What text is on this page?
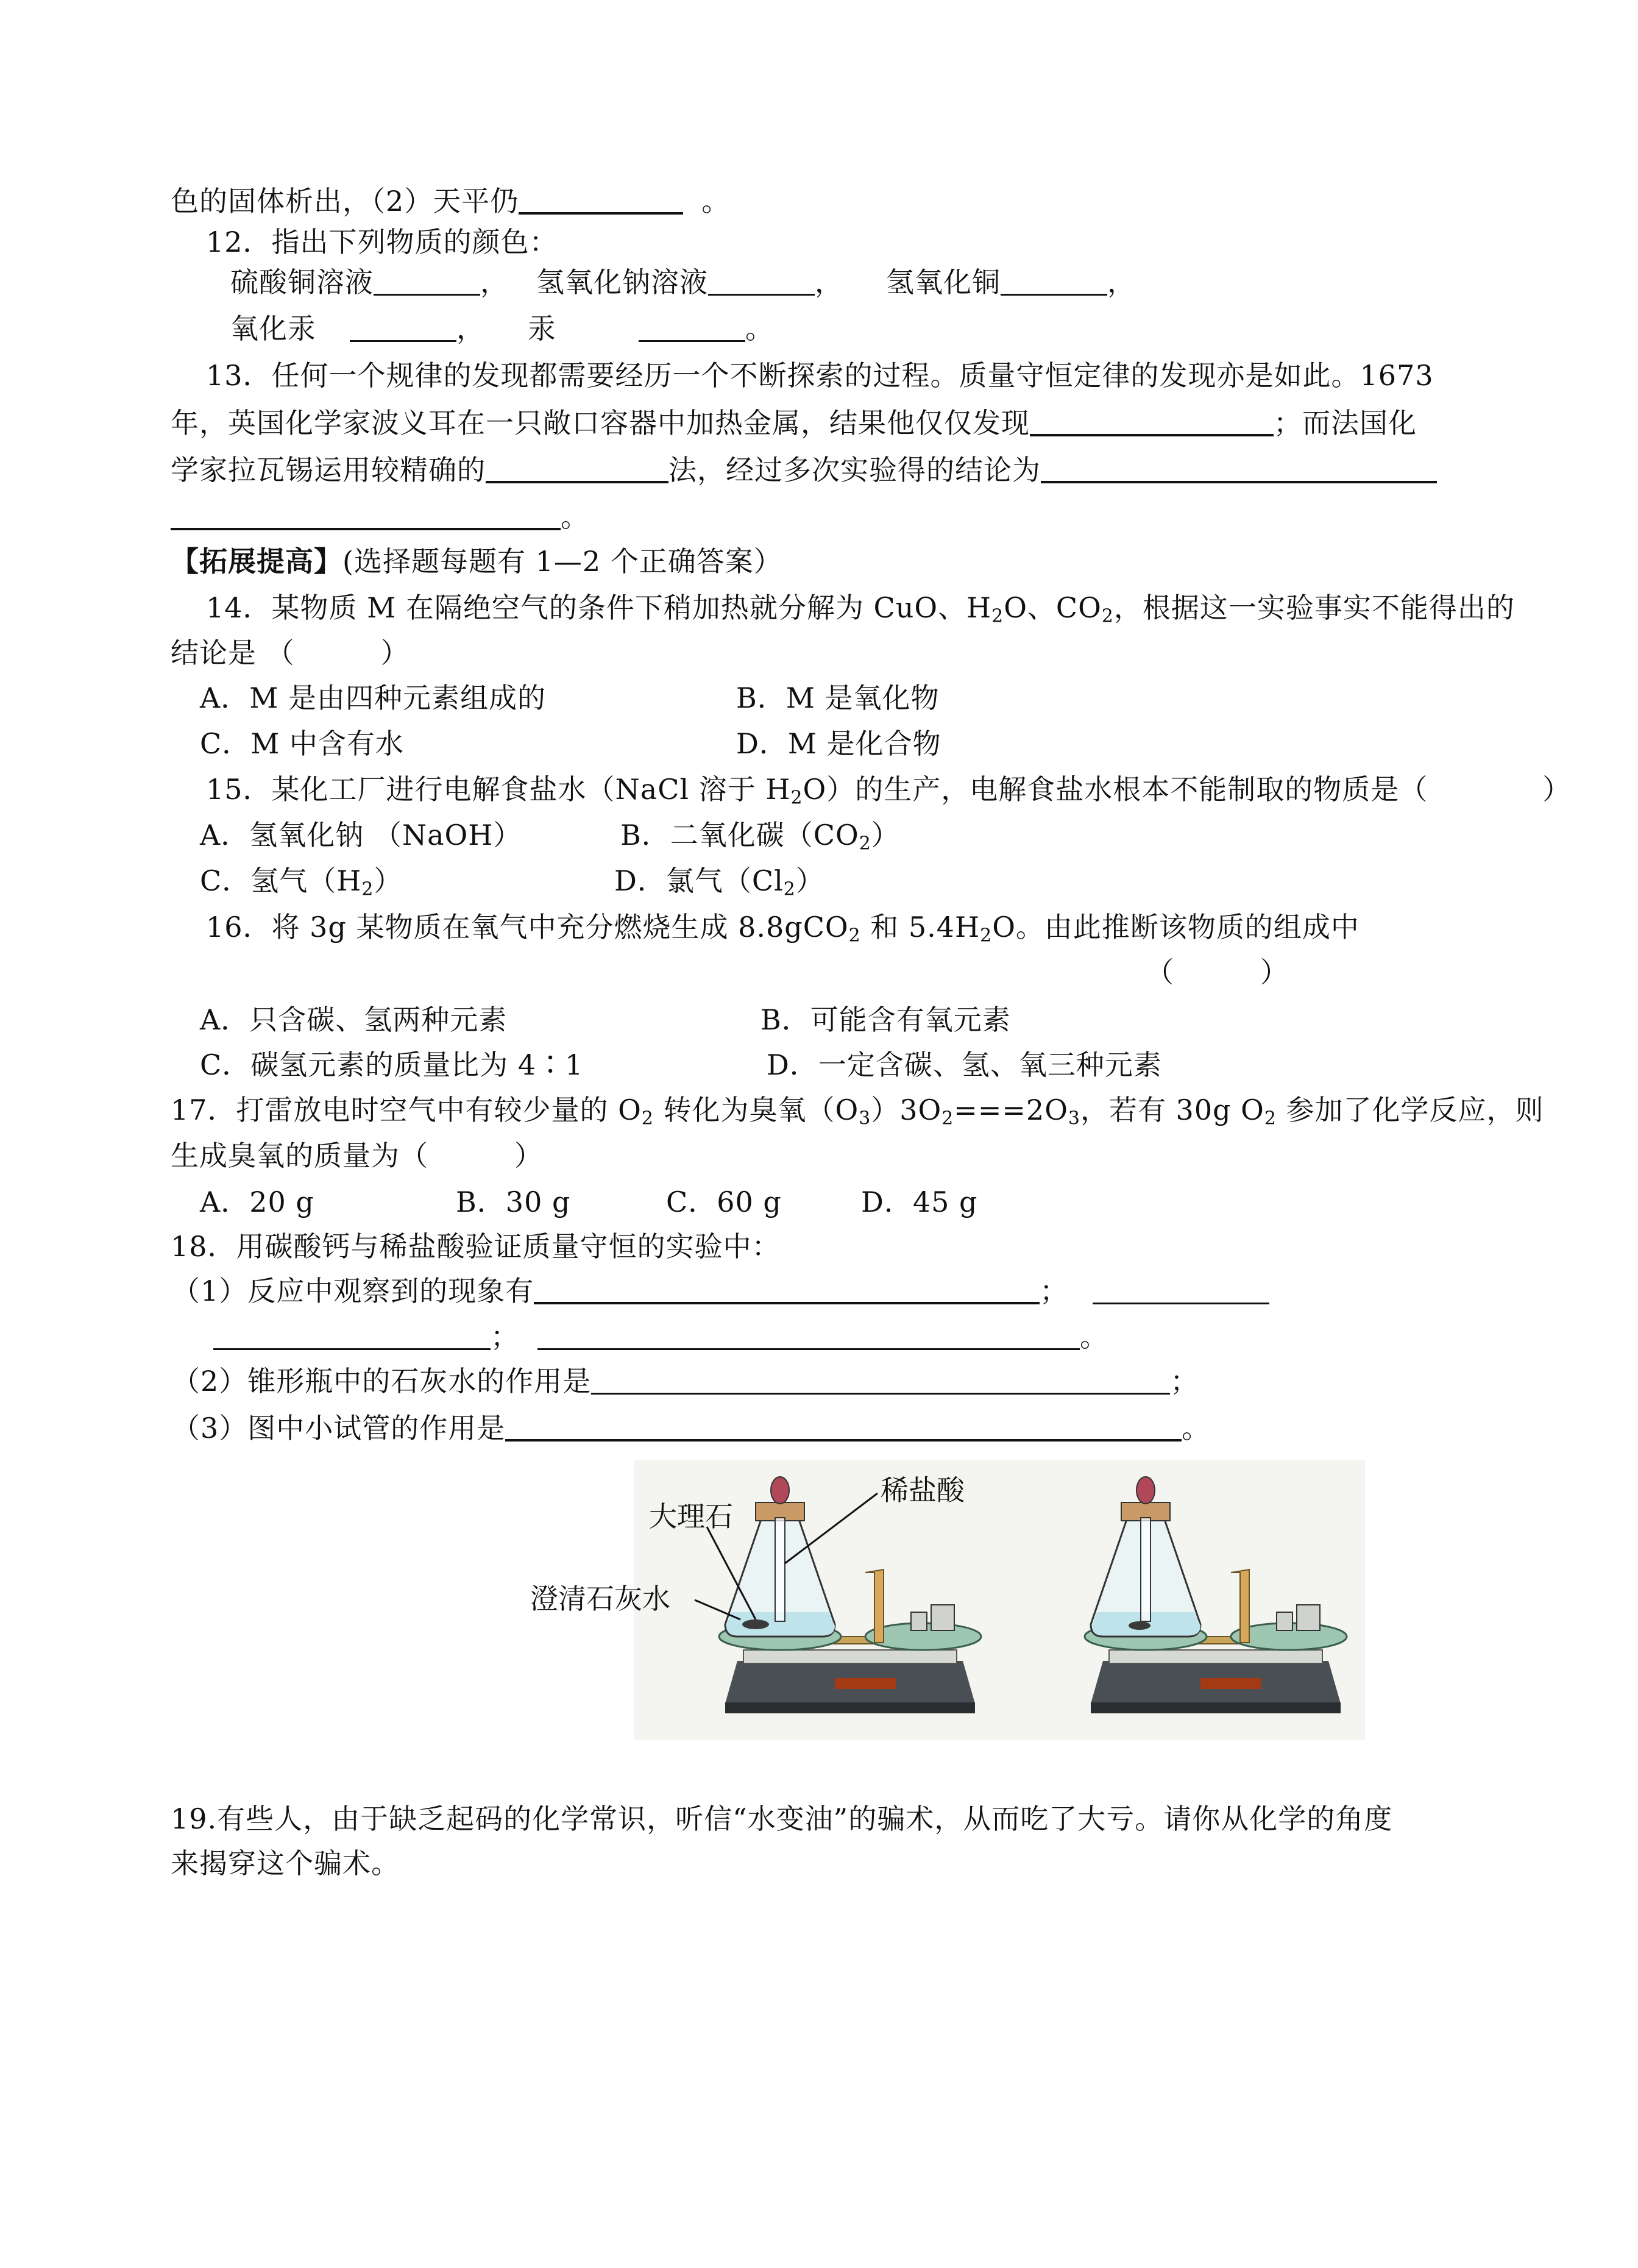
色的固体析出，（2）天平仍	。
12．指出下列物质的颜色：
硫酸铜溶液	， 氢氧化钠溶液	， 氢氧化铜	，
氧化汞	， 汞	。
13．任何一个规律的发现都需要经历一个不断探索的过程。质量守恒定律的发现亦是如此。1673
年，英国化学家波义耳在一只敞口容器中加热金属，结果他仅仅发现	；而法国化
学家拉瓦锡运用较精确的	法，经过多次实验得的结论为
。
【拓展提高】(选择题每题有 1—2 个正确答案）
14．某物质 M 在隔绝空气的条件下稍加热就分解为 CuO、$H_2O$、$CO_2$，根据这一实验事实不能得出的
结论是 （　　　）
A．M 是由四种元素组成的	B．M 是氧化物
C．M 中含有水	D．M 是化合物
15．某化工厂进行电解食盐水（NaCl 溶于 $H_2O$）的生产，电解食盐水根本不能制取的物质是（　　　　）
A．氢氧化钠 （NaOH）	B．二氧化碳$(CO_2)$
C．氢气$(H_2)$	D．氯气$(Cl_2)$
16．将 3g 某物质在氧气中充分燃烧生成 8.8gCO$_2$ 和 $5.4H_2O$。由此推断该物质的组成中
（　　　）
A．只含碳、氢两种元素	B．可能含有氧元素
C．碳氢元素的质量比为 4∶1	D．一定含碳、氢、氧三种元素
17．打雷放电时空气中有较少量的 $O_2$ 转化为臭氧$(O_3)3O_2===2O_3$，若有 30g $O_2$ 参加了化学反应，则
生成臭氧的质量为（　　　）
A．20 g	B．30 g	C．60 g	D．45 g
18．用碳酸钙与稀盐酸验证质量守恒的实验中：
（1）反应中观察到的现象有	；
；	。
（2）锥形瓶中的石灰水的作用是	；
（3）图中小试管的作用是	。
大理石
稀盐酸
澄清石灰水
19.有些人，由于缺乏起码的化学常识，听信“水变油”的骗术，从而吃了大亏。请你从化学的角度
来揭穿这个骗术。
